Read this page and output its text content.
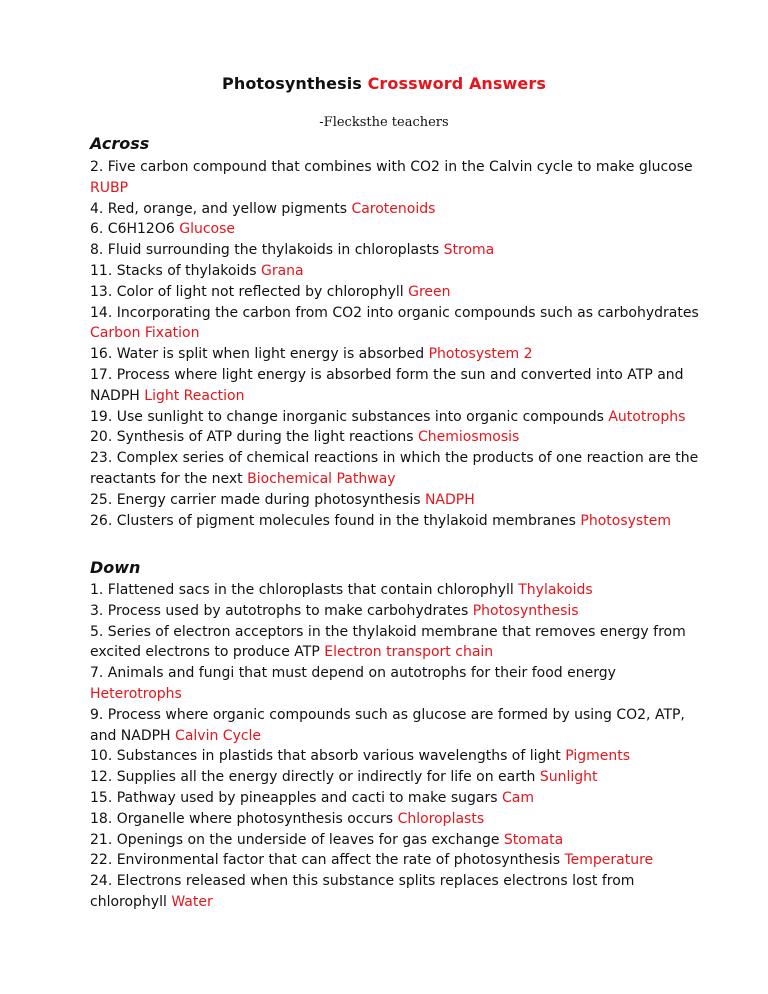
Photosynthesis Crossword Answers
-Flecksthe teachers
Across
2. Five carbon compound that combines with CO2 in the Calvin cycle to make glucose RUBP
4. Red, orange, and yellow pigments Carotenoids
6. C6H12O6 Glucose
8. Fluid surrounding the thylakoids in chloroplasts Stroma
11. Stacks of thylakoids Grana
13. Color of light not reflected by chlorophyll Green
14. Incorporating the carbon from CO2 into organic compounds such as carbohydrates Carbon Fixation
16. Water is split when light energy is absorbed Photosystem 2
17. Process where light energy is absorbed form the sun and converted into ATP and NADPH Light Reaction
19. Use sunlight to change inorganic substances into organic compounds Autotrophs
20. Synthesis of ATP during the light reactions Chemiosmosis
23. Complex series of chemical reactions in which the products of one reaction are the reactants for the next Biochemical Pathway
25. Energy carrier made during photosynthesis NADPH
26. Clusters of pigment molecules found in the thylakoid membranes Photosystem
Down
1. Flattened sacs in the chloroplasts that contain chlorophyll Thylakoids
3. Process used by autotrophs to make carbohydrates Photosynthesis
5. Series of electron acceptors in the thylakoid membrane that removes energy from excited electrons to produce ATP Electron transport chain
7. Animals and fungi that must depend on autotrophs for their food energy Heterotrophs
9. Process where organic compounds such as glucose are formed by using CO2, ATP, and NADPH Calvin Cycle
10. Substances in plastids that absorb various wavelengths of light Pigments
12. Supplies all the energy directly or indirectly for life on earth Sunlight
15. Pathway used by pineapples and cacti to make sugars Cam
18. Organelle where photosynthesis occurs Chloroplasts
21. Openings on the underside of leaves for gas exchange Stomata
22. Environmental factor that can affect the rate of photosynthesis Temperature
24. Electrons released when this substance splits replaces electrons lost from chlorophyll Water
